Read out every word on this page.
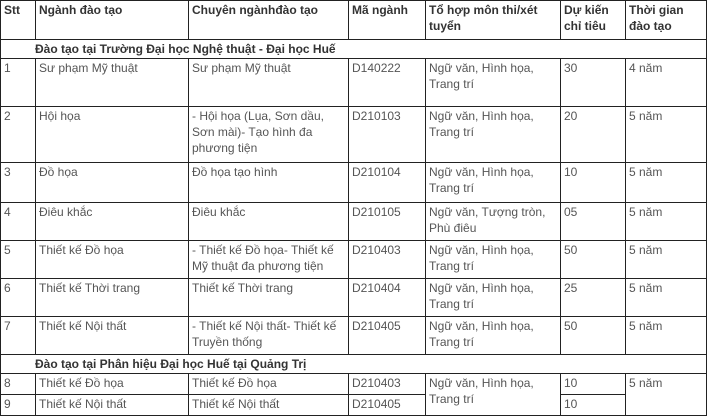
Stt	Ngành đào tạo	Chuyên ngànhđào tạo	Mã ngành	Tổ hợp môn thi/xét tuyển	Dự kiến chỉ tiêu	Thời gian đào tạo
Đào tạo tại Trường Đại học Nghệ thuật - Đại học Huế						
1	Sư phạm Mỹ thuật	Sư phạm Mỹ thuật	D140222	Ngữ văn, Hình họa, Trang trí	30	4 năm
2	Hội họa	- Hội họa (Lụa, Sơn dầu, Sơn mài)- Tạo hình đa phương tiện	D210103	Ngữ văn, Hình họa, Trang trí	20	5 năm
3	Đồ họa	Đồ họa tạo hình	D210104	Ngữ văn, Hình họa, Trang trí	10	5 năm
4	Điêu khắc	Điêu khắc	D210105	Ngữ văn, Tượng tròn, Phù điêu	05	5 năm
5	Thiết kế Đồ họa	- Thiết kế Đồ họa- Thiết kế Mỹ thuật đa phương tiện	D210403	Ngữ văn, Hình họa, Trang trí	50	5 năm
6	Thiết kế Thời trang	Thiết kế Thời trang	D210404	Ngữ văn, Hình họa, Trang trí	25	5 năm
7	Thiết kế Nội thất	- Thiết kế Nội thất- Thiết kế Truyền thống	D210405	Ngữ văn, Hình họa, Trang trí	50	5 năm
Đào tạo tại Phân hiệu Đại học Huế tại Quảng Trị						
8	Thiết kế Đồ họa	Thiết kế Đồ họa	D210403	Ngữ văn, Hình họa, Trang trí	10	5 năm
9	Thiết kế Nội thất	Thiết kế Nội thất	D210405		10	
